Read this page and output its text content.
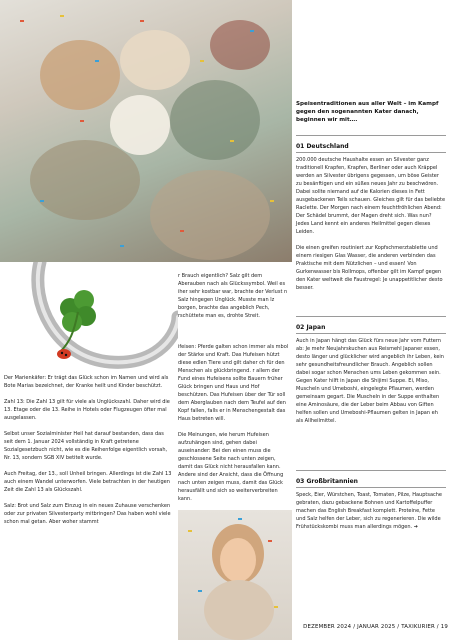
Speisentraditionen aus aller Welt – im Kampf gegen den sogenannten Kater danach, beginnen wir mit….
01 Deutschland

200.000 deutsche Haushalte essen an Silvester ganz traditionell Krapfen, Krapfen, Berliner oder auch Kräppel werden an Silvester übrigens gegessen, um böse Geister zu besänftigen und ein süßes neues Jahr zu beschwören. Dabei sollte niemand auf die Kalorien dieses in Fett ausgebackenen Teils schauen. Gleiches gilt für das beliebte Raclette. Der Morgen nach einem feuchtfröhlichen Abend: Der Schädel brummt, der Magen dreht sich. Was nun? Jedes Land kennt ein anderes Heilmittel gegen dieses Leiden.

Die einen greifen routiniert zur Kopfschmerztablette und einem riesigen Glas Wasser, die anderen verbinden das Praktische mit dem Nützlichen – und essen! Von Gurkenwasser bis Rollmops, offenbar gilt im Kampf gegen den Kater weltweit die Faustregel: Je unappetitlicher desto besser.

02 Japan

Auch in Japan hängt das Glück fürs neue Jahr vom Futtern ab: Je mehr Neujahrskuchen aus Reismehl Japaner essen, desto länger und glücklicher wird angeblich ihr Leben, kein sehr gesundheitsfreundlicher Brauch. Angeblich sollen dabei sogar schon Menschen ums Leben gekommen sein. Gegen Kater hilft in Japan die Shijimi Suppe. Ei, Miso, Muscheln und Umeboshi, eingelegte Pflaumen, werden gemeinsam gegart. Die Muscheln in der Suppe enthalten eine Aminosäure, die der Leber beim Abbau von Giften helfen sollen und Umeboshi-Pflaumen gelten in Japan eh als Allheilmittel.

03 Großbritannien

Speck, Eier, Würstchen, Toast, Tomaten, Pilze, Hauptsache gebraten, dazu gebackene Bohnen und Kartoffelpuffer machen das English Breakfast komplett. Proteine, Fette und Salz helfen der Leber, sich zu regenerieren. Die wilde Frühstückskombi muss man allerdings mögen. ➔

Der Marienkäfer: Er trägt das Glück schon im Namen und wird als Bote Marias bezeichnet, der Kranke heilt und Kinder beschützt.

Zahl 13: Die Zahl 13 gilt für viele als Unglückszahl. Daher wird die 13. Etage oder die 13. Reihe in Hotels oder Flugzeugen öfter mal ausgelassen.

Selbst unser Sozialminister Heil hat darauf bestanden, dass das seit dem 1. Januar 2024 vollständig in Kraft getretene Sozialgesetzbuch nicht, wie es die Reihenfolge eigentlich vorsah, Nr. 13, sondern SGB XIV betitelt wurde.

Auch Freitag, der 13., soll Unheil bringen. Allerdings ist die Zahl 13 auch einem Wandel unterworfen. Viele betrachten in der heutigen Zeit die Zahl 13 als Glückszahl.

Salz: Brot und Salz zum Einzug in ein neues Zuhause verschenken oder zur privaten Silvesterparty mitbringen? Das haben wohl viele schon mal getan. Aber woher stammt

r Brauch eigentlich? Salz gilt dem Aberauben nach als Glückssymbol. Weil es iher sehr kostbar war, brachte der Verlust n Salz hingegen Unglück. Musste man lz borgen, brachte das angeblich Pech, rschüttete man es, drohte Streit.

ifeisen: Pferde galten schon immer als mbol der Stärke und Kraft. Das Hufeisen hützt diese edlen Tiere und gilt daher ch für den Menschen als glückbringend. r allem der Fund eines Hufeisens sollte Bauern früher Glück bringen und Haus und Hof beschützen. Das Hufeisen über der Tür soll dem Aberglauben nach dem Teufel auf den Kopf fallen, falls er in Menschengestalt das Haus betreten will.

Die Meinungen, wie herum Hufeisen aufzuhängen sind, gehen dabei auseinander: Bei den einen muss die geschlossene Seite nach unten zeigen, damit das Glück nicht herausfallen kann. Andere sind der Ansicht, dass die Öffnung nach unten zeigen muss, damit das Glück herausfällt und sich so weiterverbreiten kann.

DEZEMBER 2024 / JANUAR 2025 / TAXIKURIER / 19
